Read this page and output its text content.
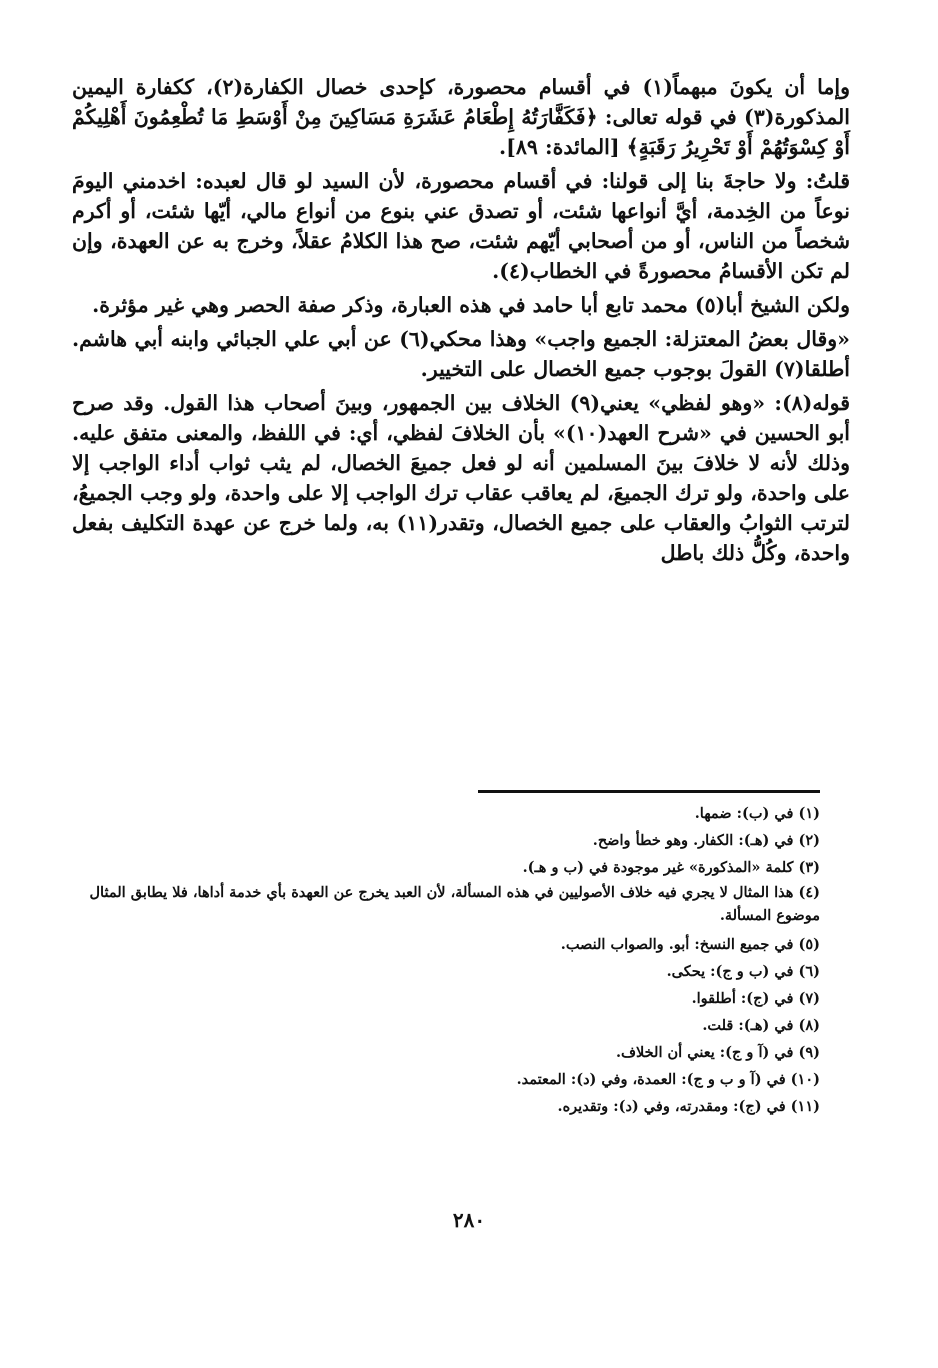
وإما أن يكونَ مبهماً(١) في أقسام محصورة، كإحدى خصال الكفارة(٢)، ككفارة اليمين المذكورة(٣) في قوله تعالى: ﴿فَكَفَّارَتُهُ إِطْعَامُ عَشَرَةِ مَسَاكِينَ مِنْ أَوْسَطِ مَا تُطْعِمُونَ أَهْلِيكُمْ أَوْ كِسْوَتُهُمْ أَوْ تَحْرِيرُ رَقَبَةٍ﴾ [المائدة: ٨٩].

قلتُ: ولا حاجةَ بنا إلى قولنا: في أقسام محصورة، لأن السيد لو قال لعبده: اخدمني اليومَ نوعاً من الخِدمة، أيَّ أنواعها شئت، أو تصدق عني بنوع من أنواع مالي، أيّها شئت، أو أكرم شخصاً من الناس، أو من أصحابي أيّهم شئت، صح هذا الكلامُ عقلاً، وخرج به عن العهدة، وإن لم تكن الأقسامُ محصورةً في الخطاب(٤).

ولكن الشيخ أبا(٥) محمد تابع أبا حامد في هذه العبارة، وذكر صفة الحصر وهي غير مؤثرة.

«وقال بعضُ المعتزلة: الجميع واجب» وهذا محكي(٦) عن أبي علي الجبائي وابنه أبي هاشم. أطلقا(٧) القولَ بوجوب جميع الخصال على التخيير.

قوله(٨): «وهو لفظي» يعني(٩) الخلاف بين الجمهور، وبينَ أصحاب هذا القول. وقد صرح أبو الحسين في «شرح العهد(١٠)» بأن الخلافَ لفظي، أي: في اللفظ، والمعنى متفق عليه. وذلك لأنه لا خلافَ بينَ المسلمين أنه لو فعل جميعَ الخصال، لم يثب ثواب أداء الواجب إلا على واحدة، ولو ترك الجميعَ، لم يعاقب عقاب ترك الواجب إلا على واحدة، ولو وجب الجميعُ، لترتب الثوابُ والعقاب على جميع الخصال، وتقدر(١١) به، ولما خرج عن عهدة التكليف بفعل واحدة، وكُلُّ ذلك باطل

(١) في (ب): ضمها.

(٢) في (هـ): الكفار. وهو خطأ واضح.

(٣) كلمة «المذكورة» غير موجودة في (ب و هـ).

(٤) هذا المثال لا يجري فيه خلاف الأصوليين في هذه المسألة، لأن العبد يخرج عن العهدة بأي خدمة أداها، فلا يطابق المثال موضوع المسألة.

(٥) في جميع النسخ: أبو. والصواب النصب.

(٦) في (ب و ج): يحكى.

(٧) في (ج): أطلقوا.

(٨) في (هـ): قلت.

(٩) في (آ و ج): يعني أن الخلاف.

(١٠) في (آ و ب و ج): العمدة، وفي (د): المعتمد.

(١١) في (ج): ومقدرته، وفي (د): وتقديره.

٢٨٠
